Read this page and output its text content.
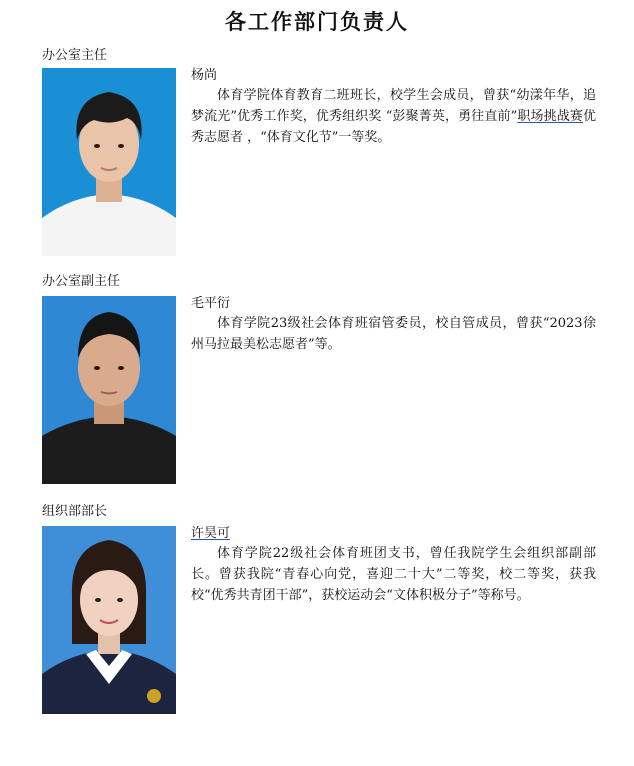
各工作部门负责人
办公室主任
杨尚

体育学院体育教育二班班长，校学生会成员，曾获“幼漾年华，追梦流光”优秀工作奖，优秀组织奖 “彭聚菁英，勇往直前”职场挑战赛优秀志愿者 ，“体育文化节”一等奖。

办公室副主任
毛平衍

体育学院23级社会体育班宿管委员，校自管成员，曾获“2023徐州马拉最美松志愿者”等。

组织部部长
许昊可

体育学院22级社会体育班团支书，曾任我院学生会组织部副部长。曾获我院“青春心向党，喜迎二十大”二等奖，校二等奖，获我校“优秀共青团干部”，获校运动会“文体积极分子”等称号。
